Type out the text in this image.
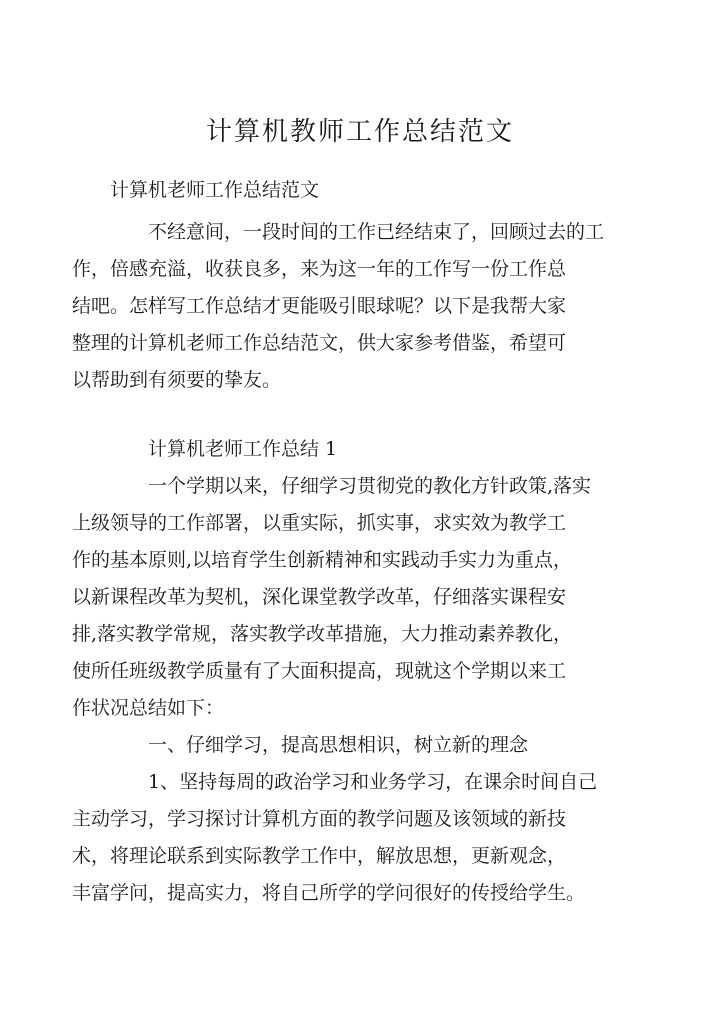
计算机教师工作总结范文
计算机老师工作总结范文

不经意间，一段时间的工作已经结束了，回顾过去的工
作，倍感充溢，收获良多，来为这一年的工作写一份工作总
结吧。怎样写工作总结才更能吸引眼球呢？以下是我帮大家
整理的计算机老师工作总结范文，供大家参考借鉴，希望可
以帮助到有须要的挚友。

计算机老师工作总结 1

一个学期以来，仔细学习贯彻党的教化方针政策,落实
上级领导的工作部署，以重实际，抓实事，求实效为教学工
作的基本原则,以培育学生创新精神和实践动手实力为重点，
以新课程改革为契机，深化课堂教学改革，仔细落实课程安
排,落实教学常规，落实教学改革措施，大力推动素养教化，
使所任班级教学质量有了大面积提高，现就这个学期以来工
作状况总结如下：

一、仔细学习，提高思想相识，树立新的理念

1、坚持每周的政治学习和业务学习，在课余时间自己
主动学习，学习探讨计算机方面的教学问题及该领域的新技
术，将理论联系到实际教学工作中，解放思想，更新观念，
丰富学问，提高实力，将自己所学的学问很好的传授给学生。
